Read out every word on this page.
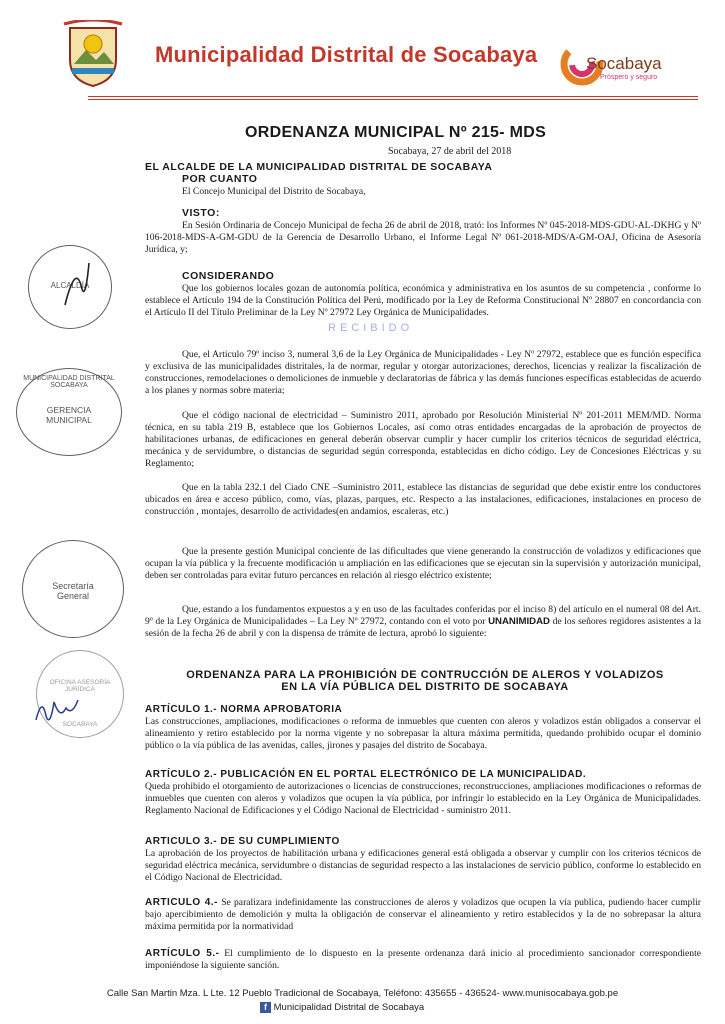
Municipalidad Distrital de Socabaya	Socabaya
Próspero y seguro
ORDENANZA MUNICIPAL Nº 215- MDS
Socabaya, 27 de abril del 2018
EL ALCALDE DE LA MUNICIPALIDAD DISTRITAL DE SOCABAYA
POR CUANTO
El Concejo Municipal del Distrito de Socabaya,
VISTO:
En Sesión Ordinaria de Concejo Municipal de fecha 26 de abril de 2018, trató: los Informes Nº 045-2018-MDS-GDU-AL-DKHG y Nº 106-2018-MDS-A-GM-GDU de la Gerencia de Desarrollo Urbano, el Informe Legal Nº 061-2018-MDS/A-GM-OAJ, Oficina de Asesoría Jurídica, y;
CONSIDERANDO
Que los gobiernos locales gozan de autonomía política, económica y administrativa en los asuntos de su competencia , conforme lo establece el Artículo 194 de la Constitución Política del Perú, modificado por la Ley de Reforma Constitucional Nº 28807 en concordancia con el Artículo II del Título Preliminar de la Ley Nº 27972 Ley Orgánica de Municipalidades.
RECIBIDO
Que, el Artículo 79º inciso 3, numeral 3,6 de la Ley Orgánica de Municipalidades - Ley Nº 27972, establece que es función específica y exclusiva de las municipalidades distritales, la de normar, regular y otorgar autorizaciones, derechos, licencias y realizar la fiscalización de construcciones, remodelaciones o demoliciones de inmueble y declaratorias de fábrica y las demás funciones específicas establecidas de acuerdo a los planes y normas sobre materia;
Que el código nacional de electricidad – Suministro 2011, aprobado por Resolución Ministerial Nº 201-2011 MEM/MD. Norma técnica, en su tabla 219 B, establece que los Gobiernos Locales, así como otras entidades encargadas de la aprobación de proyectos de habilitaciones urbanas, de edificaciones en general deberán observar cumplir y hacer cumplir los criterios técnicos de seguridad eléctrica, mecánica y de servidumbre, o distancias de seguridad según corresponda, establecidas en dicho código. Ley de Concesiones Eléctricas y su Reglamento;
Que en la tabla 232.1 del Ciado CNE –Suministro 2011, establece las distancias de seguridad que debe existir entre los conductores ubicados en área e acceso público, como, vías, plazas, parques, etc. Respecto a las instalaciones, edificaciones, instalaciones en proceso de construcción , montajes, desarrollo de actividades(en andamios, escaleras, etc.)
Que la presente gestión Municipal conciente de las dificultades que viene generando la construcción de voladizos y edificaciones que ocupan la vía pública y la frecuente modificación u ampliación en las edificaciones que se ejecutan sin la supervisión y autorización municipal, deben ser controladas para evitar futuro percances en relación al riesgo eléctrico existente;
Que, estando a los fundamentos expuestos a y en uso de las facultades conferidas por el inciso 8) del artículo en el numeral 08 del Art. 9º de la Ley Orgánica de Municipalidades – La Ley Nº 27972, contando con el voto por UNANIMIDAD de los señores regidores asistentes a la sesión de la fecha 26 de abril y con la dispensa de trámite de lectura, aprobó lo siguiente:
ORDENANZA PARA LA PROHIBICIÓN DE CONTRUCCIÓN DE ALEROS Y VOLADIZOS
EN LA VÍA PÚBLICA DEL DISTRITO DE SOCABAYA
ARTÍCULO 1.- NORMA APROBATORIA
Las construcciones, ampliaciones, modificaciones o reforma de inmuebles que cuenten con aleros y voladizos están obligados a conservar el alineamiento y retiro establecido por la norma vigente y no sobrepasar la altura máxima permitida, quedando prohibido ocupar el dominio público o la vía pública de las avenidas, calles, jirones y pasajes del distrito de Socabaya.
ARTÍCULO 2.- PUBLICACIÓN EN EL PORTAL ELECTRÓNICO DE LA MUNICIPALIDAD.
Queda prohibido el otorgamiento de autorizaciones o licencias de construcciones, reconstrucciones, ampliaciones modificaciones o reformas de inmuebles que cuenten con aleros y voladizos que ocupen la vía pública, por infringir lo establecido en la Ley Orgánica de Municipalidades. Reglamento Nacional de Edificaciones y el Código Nacional de Electricidad - suministro 2011.
ARTICULO 3.- DE SU CUMPLIMIENTO
La aprobación de los proyectos de habilitación urbana y edificaciones general está obligada a observar y cumplir con los criterios técnicos de seguridad eléctrica mecánica, servidumbre o distancias de seguridad respecto a las instalaciones de servicio público, conforme lo establecido en el Código Nacional de Electricidad.
ARTICULO 4.- Se paralizara indefinidamente las construcciones de aleros y voladizos que ocupen la vía publica, pudiendo hacer cumplir bajo apercibimiento de demolición y multa la obligación de conservar el alineamiento y retiro establecidos y la de no sobrepasar la altura máxima permitida por la normatividad
ARTÍCULO 5.- El cumplimiento de lo dispuesto en la presente ordenanza dará inicio al procedimiento sancionador correspondiente imponiéndose la siguiente sanción.
ALCALDÍA
MUNICIPALIDAD DISTRITAL SOCABAYA
GERENCIA MUNICIPAL
Secretaría General
OFICINA ASESORÍA JURÍDICA
SOCABAYA
Calle San Martin Mza. L Lte. 12 Pueblo Tradicional de Socabaya, Teléfono: 435655 - 436524- www.munisocabaya.gob.pe
f Municipalidad Distrital de Socabaya
